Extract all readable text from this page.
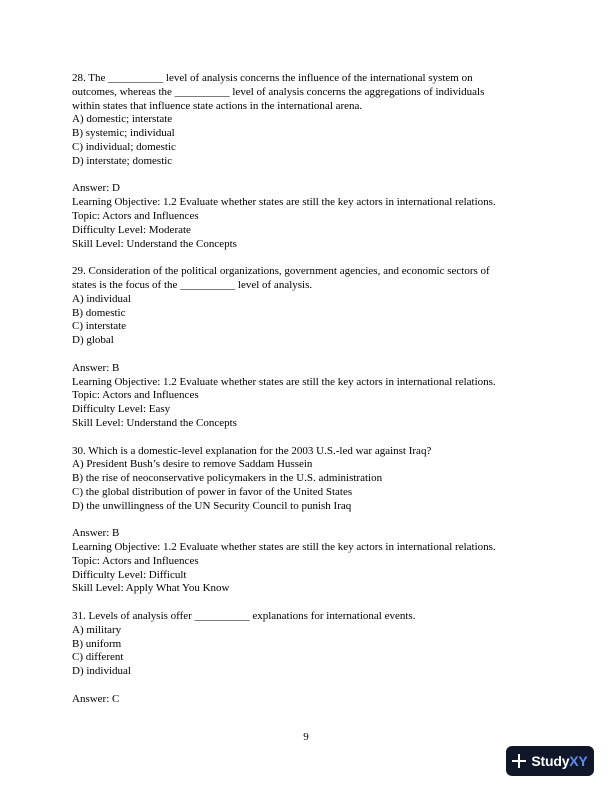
28. The __________ level of analysis concerns the influence of the international system on
outcomes, whereas the __________ level of analysis concerns the aggregations of individuals
within states that influence state actions in the international arena.
A) domestic; interstate
B) systemic; individual
C) individual; domestic
D) interstate; domestic
Answer: D
Learning Objective: 1.2 Evaluate whether states are still the key actors in international relations.
Topic: Actors and Influences
Difficulty Level: Moderate
Skill Level: Understand the Concepts
29. Consideration of the political organizations, government agencies, and economic sectors of
states is the focus of the __________ level of analysis.
A) individual
B) domestic
C) interstate
D) global
Answer: B
Learning Objective: 1.2 Evaluate whether states are still the key actors in international relations.
Topic: Actors and Influences
Difficulty Level: Easy
Skill Level: Understand the Concepts
30. Which is a domestic-level explanation for the 2003 U.S.-led war against Iraq?
A) President Bush’s desire to remove Saddam Hussein
B) the rise of neoconservative policymakers in the U.S. administration
C) the global distribution of power in favor of the United States
D) the unwillingness of the UN Security Council to punish Iraq
Answer: B
Learning Objective: 1.2 Evaluate whether states are still the key actors in international relations.
Topic: Actors and Influences
Difficulty Level: Difficult
Skill Level: Apply What You Know
31. Levels of analysis offer __________ explanations for international events.
A) military
B) uniform
C) different
D) individual
Answer: C
9
StudyXY
